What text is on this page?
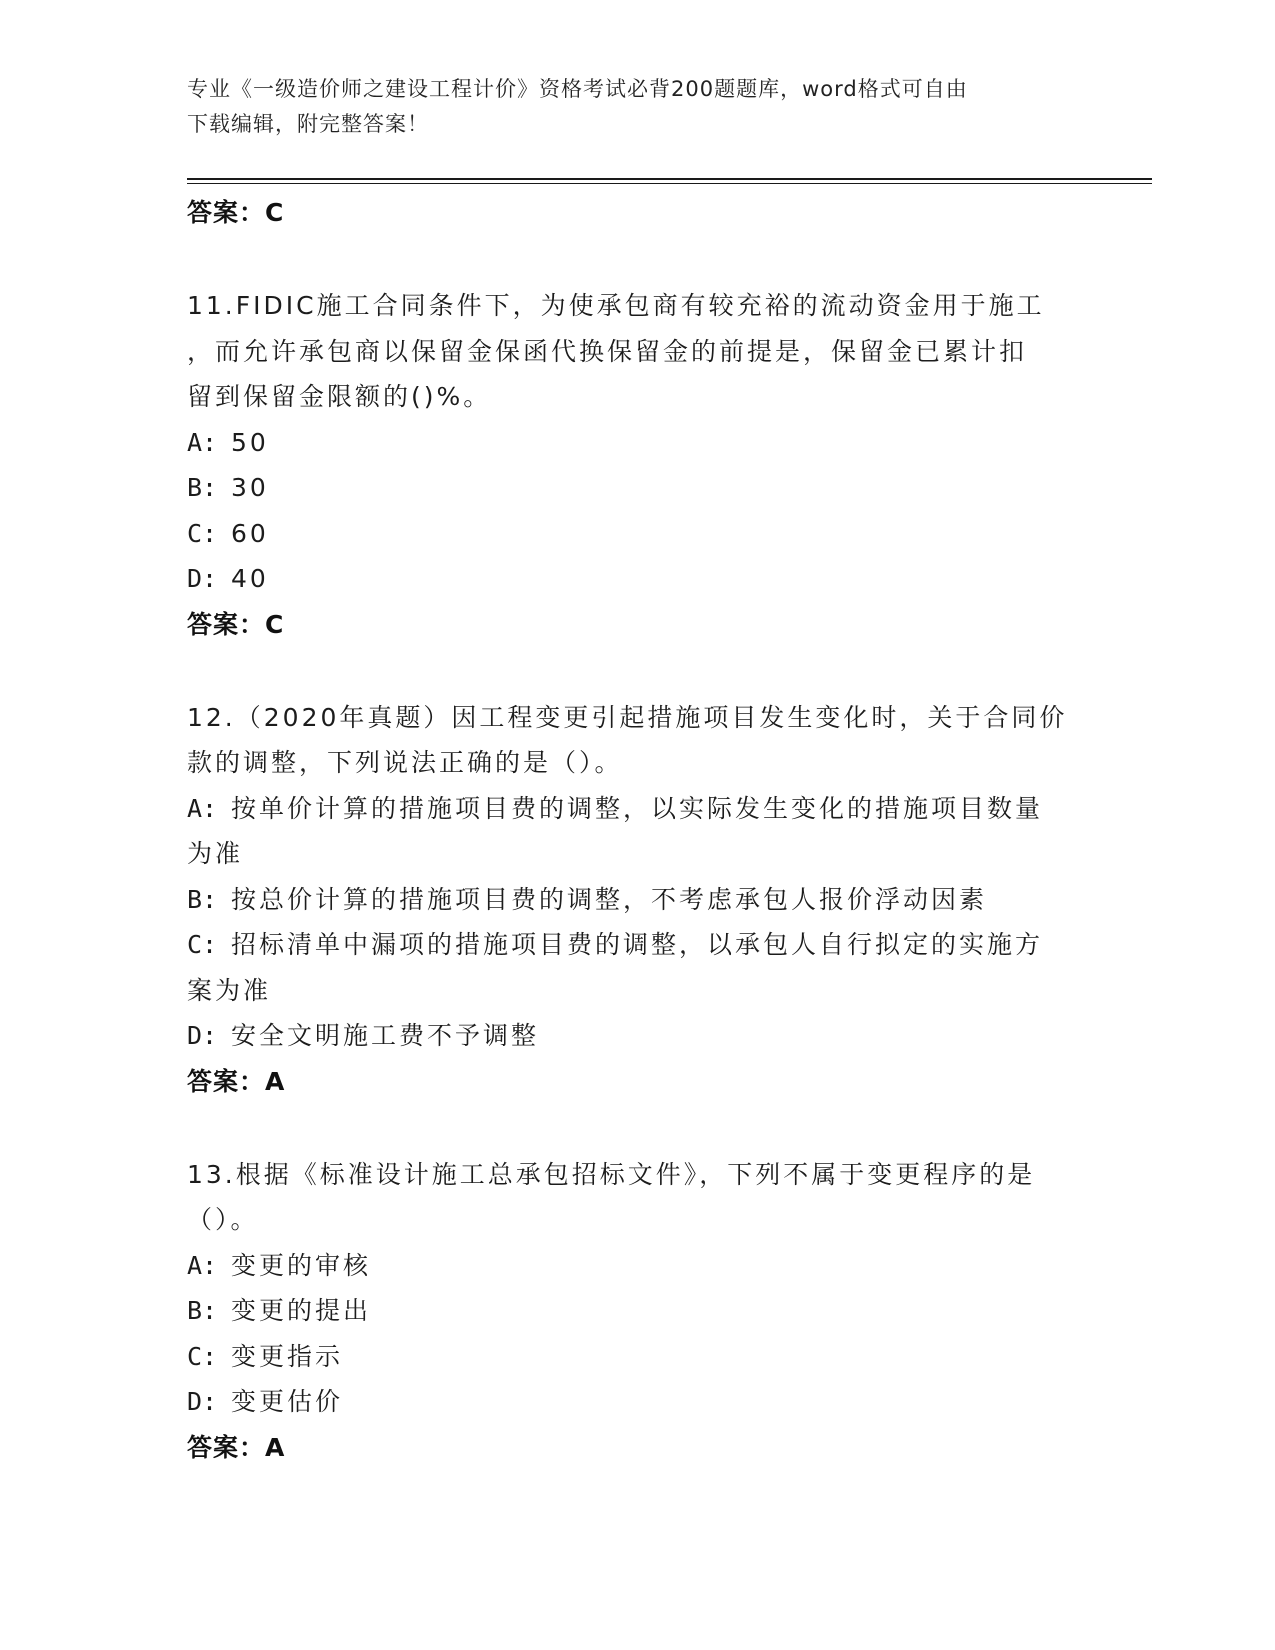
专业《一级造价师之建设工程计价》资格考试必背200题题库，word格式可自由
下载编辑，附完整答案！
答案：C
11.FIDIC施工合同条件下，为使承包商有较充裕的流动资金用于施工
，而允许承包商以保留金保函代换保留金的前提是，保留金已累计扣
留到保留金限额的()%。
A: 50
B: 30
C: 60
D: 40
答案：C
12.（2020年真题）因工程变更引起措施项目发生变化时，关于合同价
款的调整，下列说法正确的是（）。
A: 按单价计算的措施项目费的调整，以实际发生变化的措施项目数量
为准
B: 按总价计算的措施项目费的调整，不考虑承包人报价浮动因素
C: 招标清单中漏项的措施项目费的调整，以承包人自行拟定的实施方
案为准
D: 安全文明施工费不予调整
答案：A
13.根据《标准设计施工总承包招标文件》，下列不属于变更程序的是
（）。
A: 变更的审核
B: 变更的提出
C: 变更指示
D: 变更估价
答案：A
